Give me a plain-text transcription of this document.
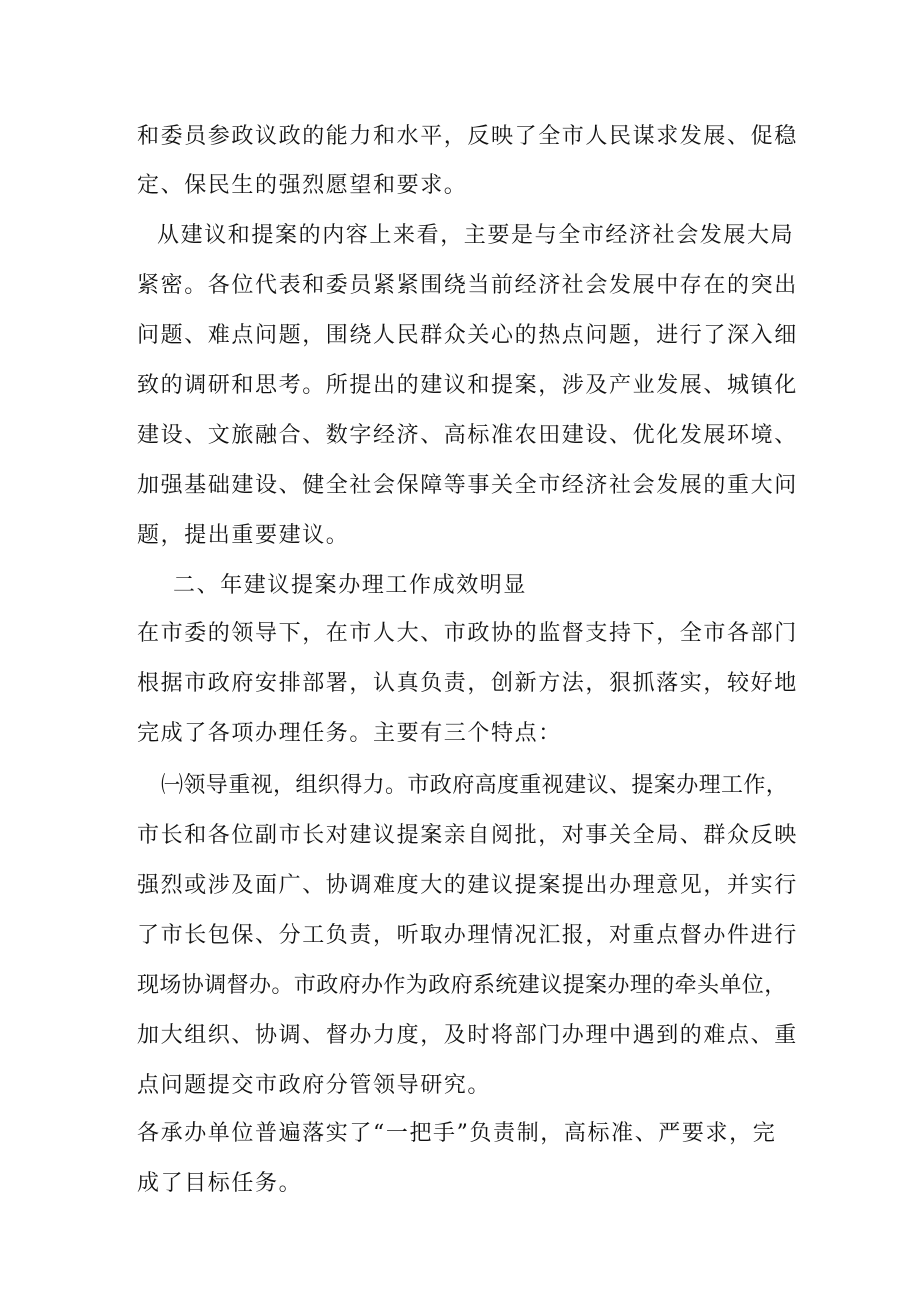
和委员参政议政的能力和水平，反映了全市人民谋求发展、促稳
定、保民生的强烈愿望和要求。
从建议和提案的内容上来看，主要是与全市经济社会发展大局
紧密。各位代表和委员紧紧围绕当前经济社会发展中存在的突出
问题、难点问题，围绕人民群众关心的热点问题，进行了深入细
致的调研和思考。所提出的建议和提案，涉及产业发展、城镇化
建设、文旅融合、数字经济、高标准农田建设、优化发展环境、
加强基础建设、健全社会保障等事关全市经济社会发展的重大问
题，提出重要建议。
二、年建议提案办理工作成效明显
在市委的领导下，在市人大、市政协的监督支持下，全市各部门
根据市政府安排部署，认真负责，创新方法，狠抓落实，较好地
完成了各项办理任务。主要有三个特点：
㈠领导重视，组织得力。市政府高度重视建议、提案办理工作，
市长和各位副市长对建议提案亲自阅批，对事关全局、群众反映
强烈或涉及面广、协调难度大的建议提案提出办理意见，并实行
了市长包保、分工负责，听取办理情况汇报，对重点督办件进行
现场协调督办。市政府办作为政府系统建议提案办理的牵头单位，
加大组织、协调、督办力度，及时将部门办理中遇到的难点、重
点问题提交市政府分管领导研究。
各承办单位普遍落实了“一把手”负责制，高标准、严要求，完
成了目标任务。
